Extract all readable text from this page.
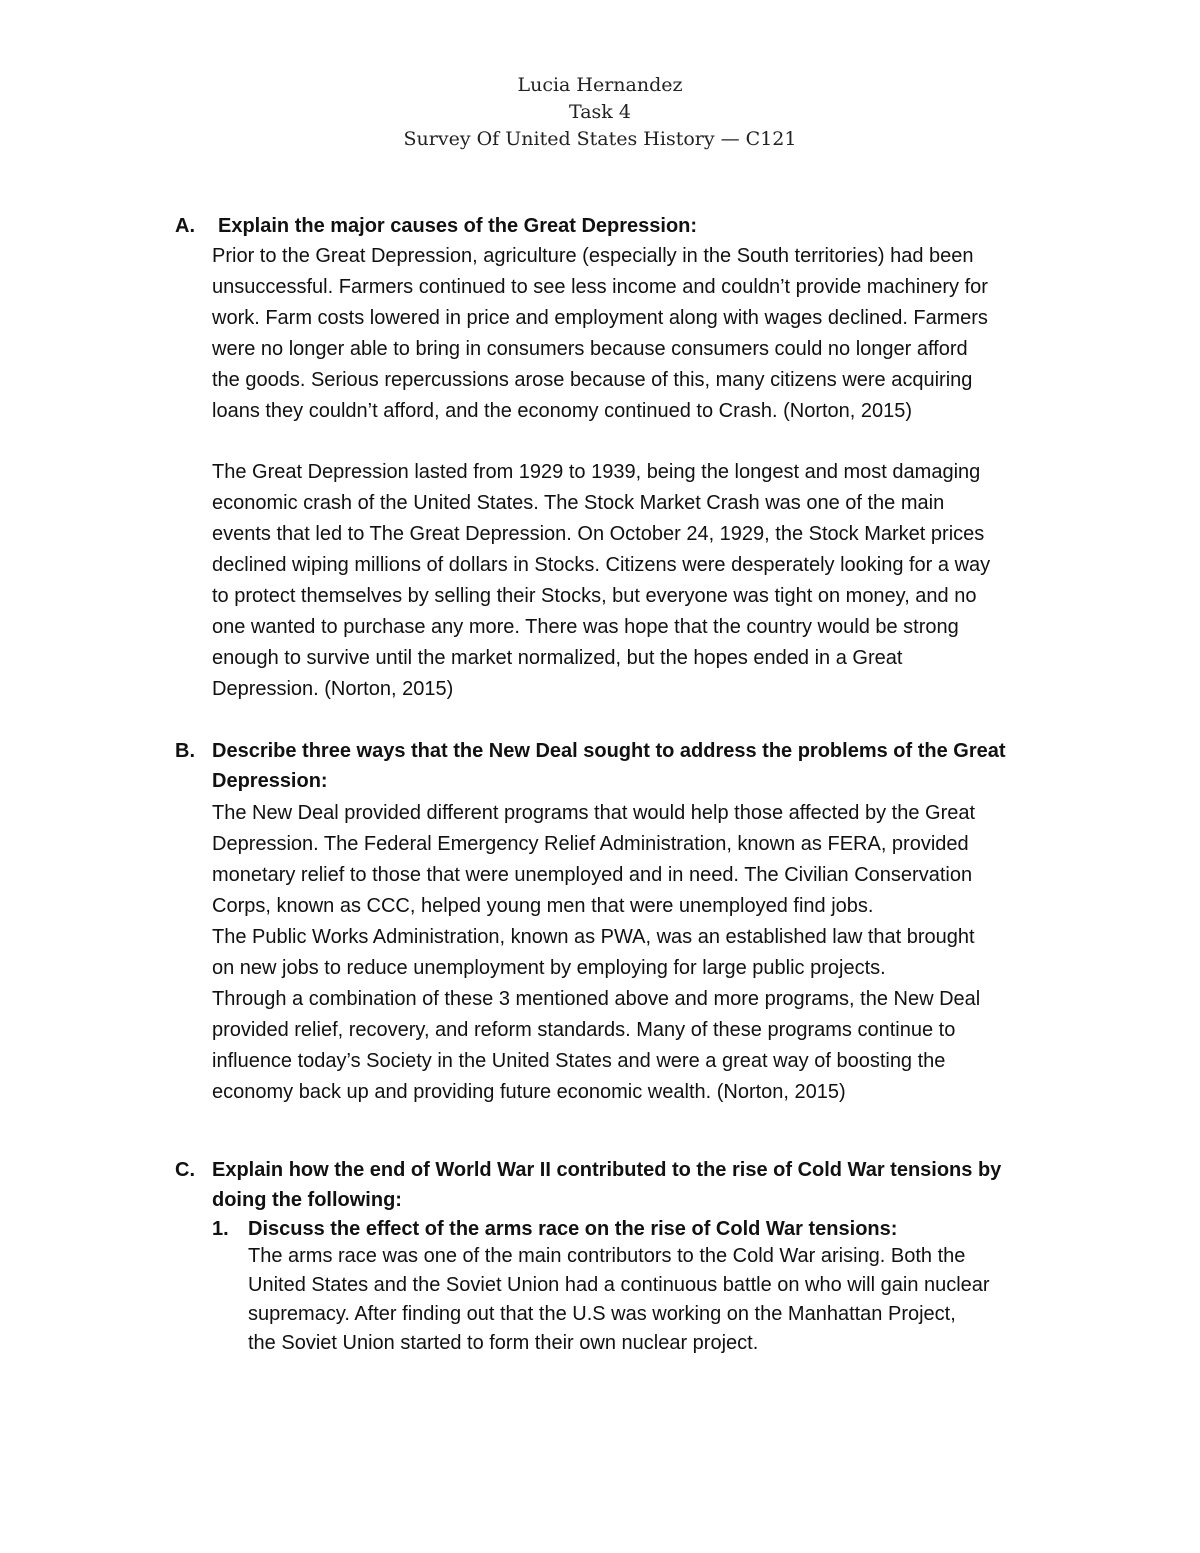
Lucia Hernandez
Task 4
Survey Of United States History — C121
A. Explain the major causes of the Great Depression:
Prior to the Great Depression, agriculture (especially in the South territories) had been
unsuccessful. Farmers continued to see less income and couldn’t provide machinery for
work. Farm costs lowered in price and employment along with wages declined. Farmers
were no longer able to bring in consumers because consumers could no longer afford
the goods. Serious repercussions arose because of this, many citizens were acquiring
loans they couldn’t afford, and the economy continued to Crash. (Norton, 2015)
The Great Depression lasted from 1929 to 1939, being the longest and most damaging
economic crash of the United States. The Stock Market Crash was one of the main
events that led to The Great Depression. On October 24, 1929, the Stock Market prices
declined wiping millions of dollars in Stocks. Citizens were desperately looking for a way
to protect themselves by selling their Stocks, but everyone was tight on money, and no
one wanted to purchase any more. There was hope that the country would be strong
enough to survive until the market normalized, but the hopes ended in a Great
Depression. (Norton, 2015)
B. Describe three ways that the New Deal sought to address the problems of the Great
Depression:
The New Deal provided different programs that would help those affected by the Great
Depression. The Federal Emergency Relief Administration, known as FERA, provided
monetary relief to those that were unemployed and in need. The Civilian Conservation
Corps, known as CCC, helped young men that were unemployed find jobs.
The Public Works Administration, known as PWA, was an established law that brought
on new jobs to reduce unemployment by employing for large public projects.
Through a combination of these 3 mentioned above and more programs, the New Deal
provided relief, recovery, and reform standards. Many of these programs continue to
influence today’s Society in the United States and were a great way of boosting the
economy back up and providing future economic wealth. (Norton, 2015)
C. Explain how the end of World War II contributed to the rise of Cold War tensions by
doing the following:
1. Discuss the effect of the arms race on the rise of Cold War tensions:
The arms race was one of the main contributors to the Cold War arising. Both the
United States and the Soviet Union had a continuous battle on who will gain nuclear
supremacy. After finding out that the U.S was working on the Manhattan Project,
the Soviet Union started to form their own nuclear project.
